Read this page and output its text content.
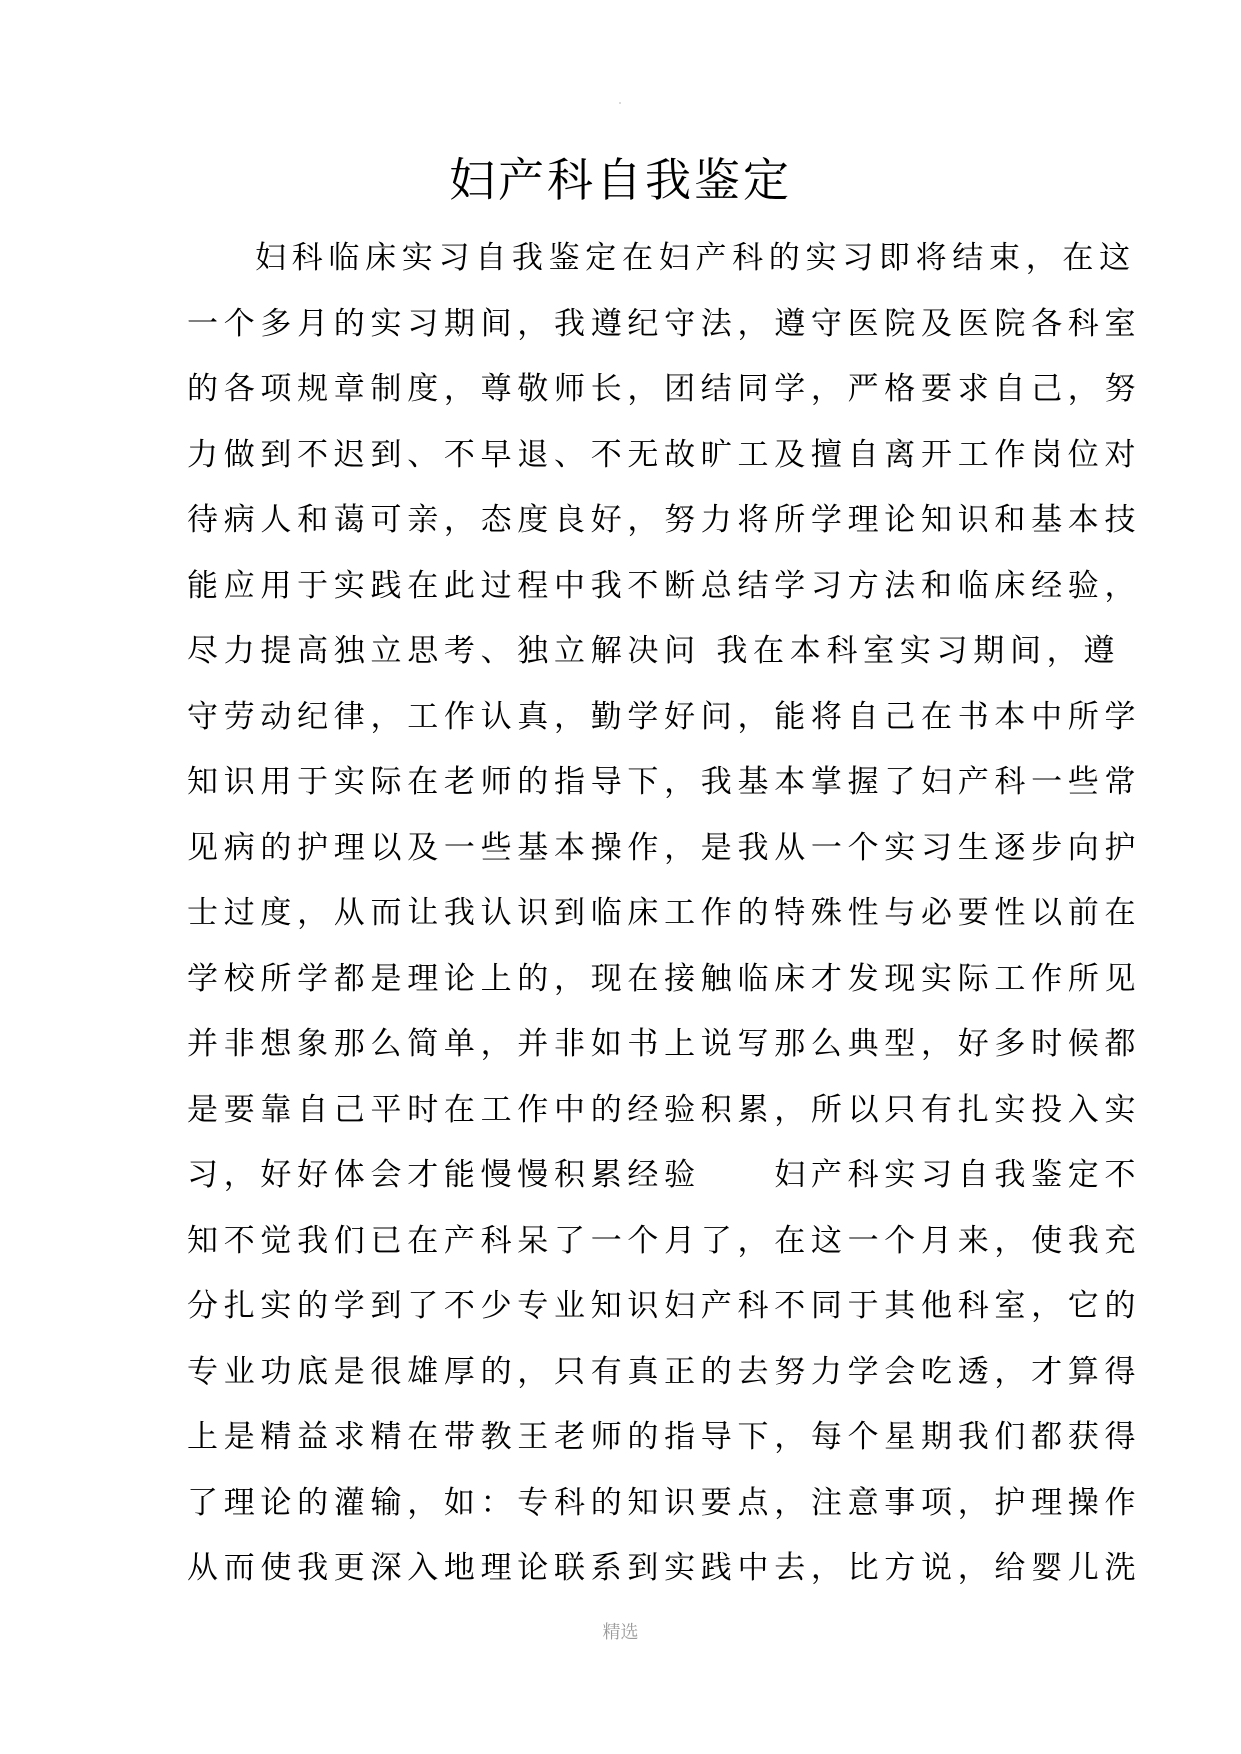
妇产科自我鉴定
妇科临床实习自我鉴定在妇产科的实习即将结束，在这
一个多月的实习期间，我遵纪守法，遵守医院及医院各科室
的各项规章制度，尊敬师长，团结同学，严格要求自己，努
力做到不迟到、不早退、不无故旷工及擅自离开工作岗位对
待病人和蔼可亲，态度良好，努力将所学理论知识和基本技
能应用于实践在此过程中我不断总结学习方法和临床经验，
尽力提高独立思考、独立解决问 我在本科室实习期间，遵
守劳动纪律，工作认真，勤学好问，能将自己在书本中所学
知识用于实际在老师的指导下，我基本掌握了妇产科一些常
见病的护理以及一些基本操作，是我从一个实习生逐步向护
士过度，从而让我认识到临床工作的特殊性与必要性以前在
学校所学都是理论上的，现在接触临床才发现实际工作所见
并非想象那么简单，并非如书上说写那么典型，好多时候都
是要靠自己平时在工作中的经验积累，所以只有扎实投入实
习，好好体会才能慢慢积累经验　　妇产科实习自我鉴定不
知不觉我们已在产科呆了一个月了，在这一个月来，使我充
分扎实的学到了不少专业知识妇产科不同于其他科室，它的
专业功底是很雄厚的，只有真正的去努力学会吃透，才算得
上是精益求精在带教王老师的指导下，每个星期我们都获得
了理论的灌输，如：专科的知识要点，注意事项，护理操作
从而使我更深入地理论联系到实践中去，比方说，给婴儿洗
精选
